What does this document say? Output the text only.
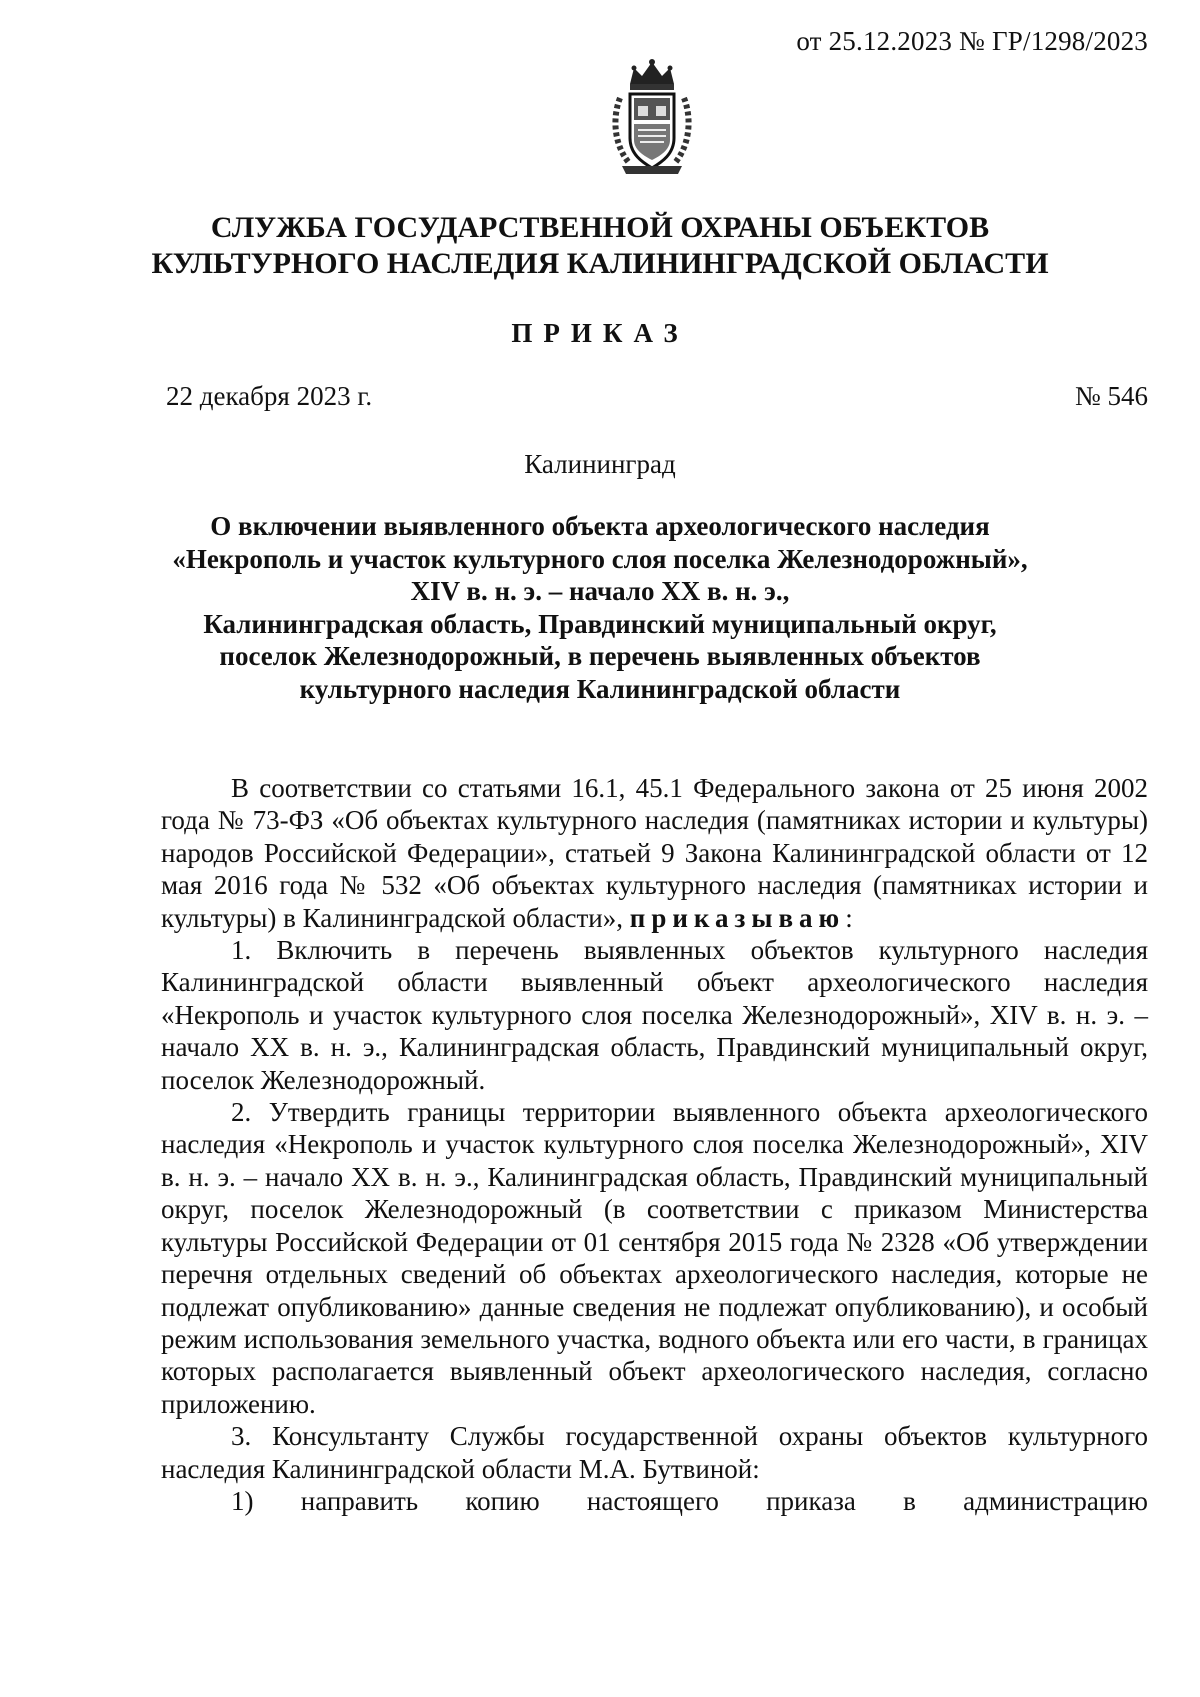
от 25.12.2023 № ГР/1298/2023
СЛУЖБА ГОСУДАРСТВЕННОЙ ОХРАНЫ ОБЪЕКТОВ
КУЛЬТУРНОГО НАСЛЕДИЯ КАЛИНИНГРАДСКОЙ ОБЛАСТИ
ПРИКАЗ
22 декабря 2023 г.	№ 546
Калининград
О включении выявленного объекта археологического наследия
«Некрополь и участок культурного слоя поселка Железнодорожный»,
XIV в. н. э. – начало XX в. н. э.,
Калининградская область, Правдинский муниципальный округ,
поселок Железнодорожный, в перечень выявленных объектов
культурного наследия Калининградской области

В соответствии со статьями 16.1, 45.1 Федерального закона от 25 июня 2002 года № 73-ФЗ «Об объектах культурного наследия (памятниках истории и культуры) народов Российской Федерации», статьей 9 Закона Калининградской области от 12 мая 2016 года № 532 «Об объектах культурного наследия (памятниках истории и культуры) в Калининградской области», приказываю:

1. Включить в перечень выявленных объектов культурного наследия Калининградской области выявленный объект археологического наследия «Некрополь и участок культурного слоя поселка Железнодорожный», XIV в. н. э. – начало XX в. н. э., Калининградская область, Правдинский муниципальный округ, поселок Железнодорожный.

2. Утвердить границы территории выявленного объекта археологического наследия «Некрополь и участок культурного слоя поселка Железнодорожный», XIV в. н. э. – начало XX в. н. э., Калининградская область, Правдинский муниципальный округ, поселок Железнодорожный (в соответствии с приказом Министерства культуры Российской Федерации от 01 сентября 2015 года № 2328 «Об утверждении перечня отдельных сведений об объектах археологического наследия, которые не подлежат опубликованию» данные сведения не подлежат опубликованию), и особый режим использования земельного участка, водного объекта или его части, в границах которых располагается выявленный объект археологического наследия, согласно приложению.

3. Консультанту Службы государственной охраны объектов культурного наследия Калининградской области М.А. Бутвиной:

1) направить копию настоящего приказа в администрацию
